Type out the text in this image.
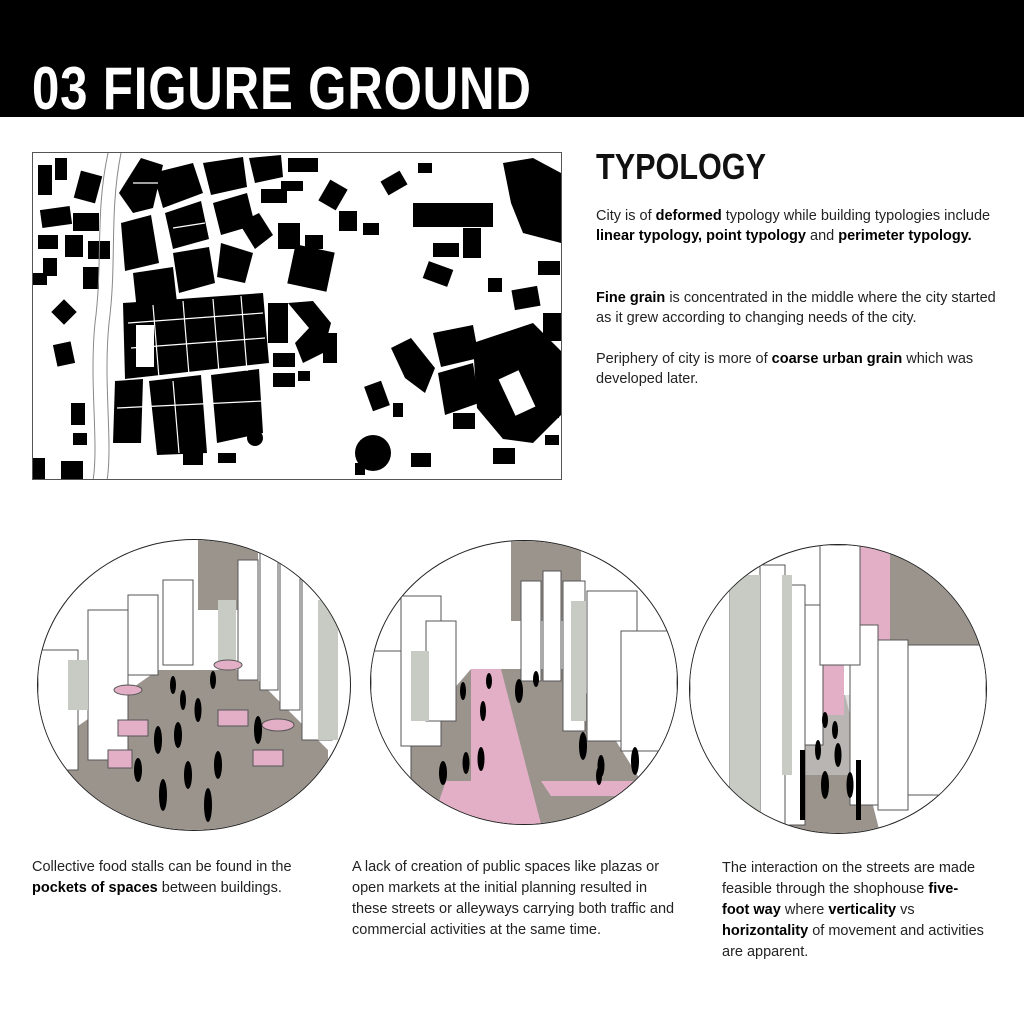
03 FIGURE GROUND
TYPOLOGY

City is of deformed typology while building typologies include linear typology, point typology and perimeter typology.

Fine grain is concentrated in the middle where the city started as it grew according to changing needs of the city.

Periphery of city is more of coarse urban grain which was developed later.

Collective food stalls can be found in the pockets of spaces between buildings.

A lack of creation of public spaces like plazas or open markets at the initial planning resulted in these streets or alleyways carrying both traffic and commercial activities at the same time.

The interaction on the streets are made feasible through the shophouse five-foot way where verticality vs horizontality of movement and activities are apparent.
